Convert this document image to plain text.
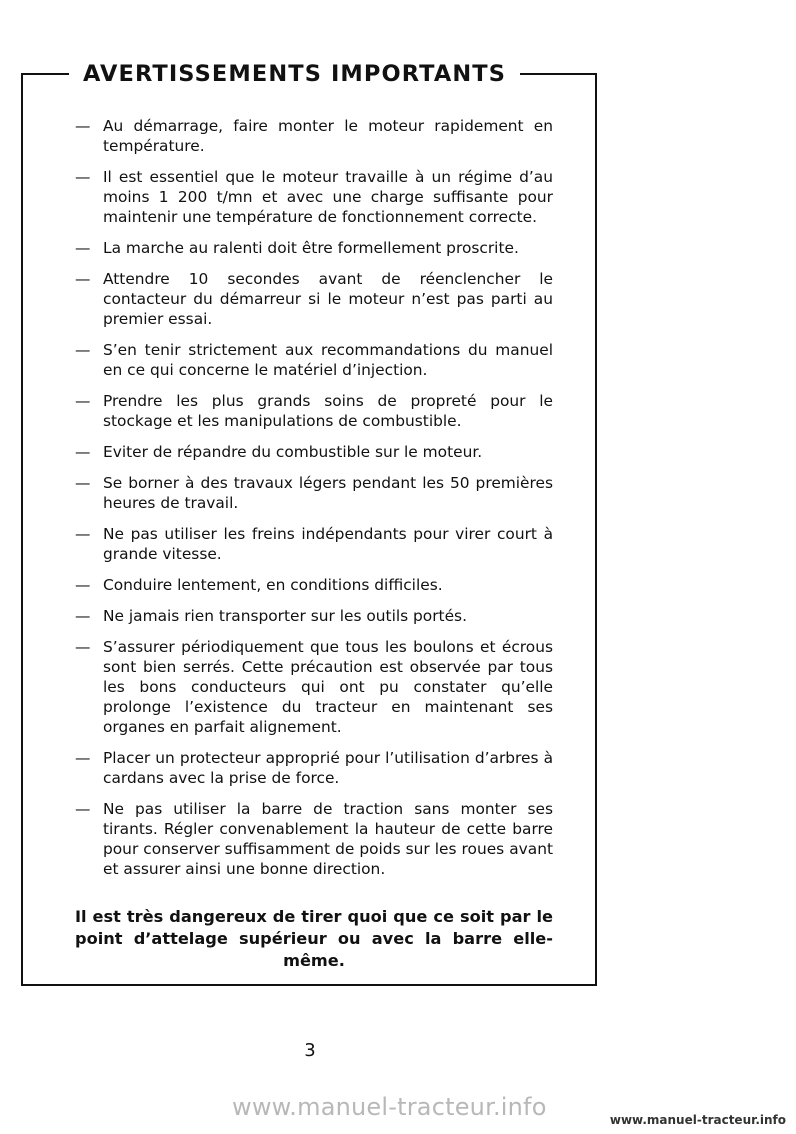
AVERTISSEMENTS IMPORTANTS
— Au démarrage, faire monter le moteur rapidement en température.
— Il est essentiel que le moteur travaille à un régime d’au moins 1 200 t/mn et avec une charge suffisante pour maintenir une température de fonctionnement correcte.
— La marche au ralenti doit être formellement proscrite.
— Attendre 10 secondes avant de réenclencher le contacteur du démarreur si le moteur n’est pas parti au premier essai.
— S’en tenir strictement aux recommandations du manuel en ce qui concerne le matériel d’injection.
— Prendre les plus grands soins de propreté pour le stockage et les manipulations de combustible.
— Eviter de répandre du combustible sur le moteur.
— Se borner à des travaux légers pendant les 50 premières heures de travail.
— Ne pas utiliser les freins indépendants pour virer court à grande vitesse.
— Conduire lentement, en conditions difficiles.
— Ne jamais rien transporter sur les outils portés.
— S’assurer périodiquement que tous les boulons et écrous sont bien serrés. Cette précaution est observée par tous les bons conducteurs qui ont pu constater qu’elle prolonge l’existence du tracteur en maintenant ses organes en parfait alignement.
— Placer un protecteur approprié pour l’utilisation d’arbres à cardans avec la prise de force.
— Ne pas utiliser la barre de traction sans monter ses tirants. Régler convenablement la hauteur de cette barre pour conserver suffisamment de poids sur les roues avant et assurer ainsi une bonne direction.
Il est très dangereux de tirer quoi que ce soit par le point d’attelage supérieur ou avec la barre elle-même.
3
www.manuel-tracteur.info	www.manuel-tracteur.info
